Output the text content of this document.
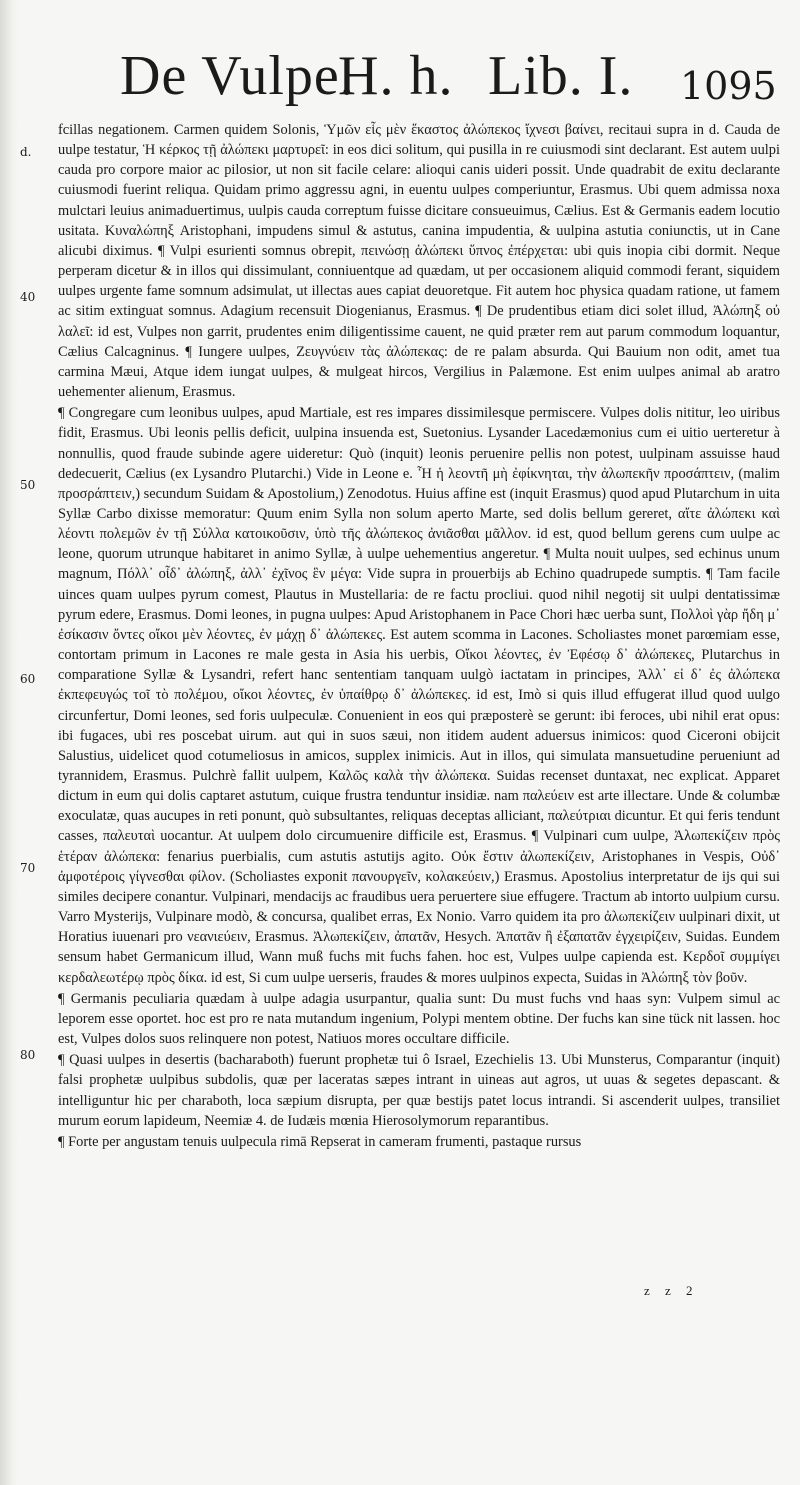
De Vulpe.
H. h. Lib. I. 1095
d.
40
50
60
70
80

fcillas negationem. Carmen quidem Solonis, Ὑμῶν εἷς μὲν ἕκαστος ἀλώπεκος ἴχνεσι βαίνει, recitaui supra in d. Cauda de uulpe testatur, Ἡ κέρκος τῇ ἀλώπεκι μαρτυρεῖ: in eos dici solitum, qui pusilla in re cuiusmodi sint declarant. Est autem uulpi cauda pro corpore maior ac pilosior, ut non sit facile celare: alioqui canis uideri possit. Unde quadrabit de exitu declarante cuiusmodi fuerint reliqua. Quidam primo aggressu agni, in euentu uulpes comperiuntur, Erasmus. Ubi quem admissa noxa mulctari leuius animaduertimus, uulpis cauda correptum fuisse dicitare consueuimus, Cælius. Est & Germanis eadem locutio usitata. Κυναλώπηξ Aristophani, impudens simul & astutus, canina impudentia, & uulpina astutia coniunctis, ut in Cane alicubi diximus. ¶ Vulpi esurienti somnus obrepit, πεινώσῃ ἀλώπεκι ὕπνος ἐπέρχεται: ubi quis inopia cibi dormit. Neque perperam dicetur & in illos qui dissimulant, conniuentque ad quædam, ut per occasionem aliquid commodi ferant, siquidem uulpes urgente fame somnum adsimulat, ut illectas aues capiat deuoretque. Fit autem hoc physica quadam ratione, ut famem ac sitim extinguat somnus. Adagium recensuit Diogenianus, Erasmus. ¶ De prudentibus etiam dici solet illud, Ἀλώπηξ οὐ λαλεῖ: id est, Vulpes non garrit, prudentes enim diligentissime cauent, ne quid præter rem aut parum commodum loquantur, Cælius Calcagninus. ¶ Iungere uulpes, Ζευγνύειν τὰς ἀλώπεκας: de re palam absurda. Qui Bauium non odit, amet tua carmina Mæui, Atque idem iungat uulpes, & mulgeat hircos, Vergilius in Palæmone. Est enim uulpes animal ab aratro uehementer alienum, Erasmus.

¶ Congregare cum leonibus uulpes, apud Martiale, est res impares dissimilesque permiscere. Vulpes dolis nititur, leo uiribus fidit, Erasmus. Ubi leonis pellis deficit, uulpina insuenda est, Suetonius. Lysander Lacedæmonius cum ei uitio uerteretur à nonnullis, quod fraude subinde agere uideretur: Quò (inquit) leonis peruenire pellis non potest, uulpinam assuisse haud dedecuerit, Cælius (ex Lysandro Plutarchi.) Vide in Leone e. Ἧ ἡ λεοντῆ μὴ ἐφίκνηται, τὴν ἀλωπεκῆν προσάπτειν, (malim προσράπτειν,) secundum Suidam & Apostolium,) Zenodotus. Huius affine est (inquit Erasmus) quod apud Plutarchum in uita Syllæ Carbo dixisse memoratur: Quum enim Sylla non solum aperto Marte, sed dolis bellum gereret, αἴτε ἀλώπεκι καὶ λέοντι πολεμῶν ἐν τῇ Σύλλα κατοικοῦσιν, ὑπὸ τῆς ἀλώπεκος ἀνιᾶσθαι μᾶλλον. id est, quod bellum gerens cum uulpe ac leone, quorum utrunque habitaret in animo Syllæ, à uulpe uehementius angeretur. ¶ Multa nouit uulpes, sed echinus unum magnum, Πόλλ᾽ οἶδ᾽ ἀλώπηξ, ἀλλ᾽ ἐχῖνος ἓν μέγα: Vide supra in prouerbijs ab Echino quadrupede sumptis. ¶ Tam facile uinces quam uulpes pyrum comest, Plautus in Mustellaria: de re factu procliui. quod nihil negotij sit uulpi dentatissimæ pyrum edere, Erasmus. Domi leones, in pugna uulpes: Apud Aristophanem in Pace Chori hæc uerba sunt, Πολλοὶ γὰρ ἤδη μ᾽ ἐσίκασιν ὄντες οἴκοι μὲν λέοντες, ἐν μάχῃ δ᾽ ἀλώπεκες. Est autem scomma in Lacones. Scholiastes monet parœmiam esse, contortam primum in Lacones re male gesta in Asia his uerbis, Οἴκοι λέοντες, ἐν Ἐφέσῳ δ᾽ ἀλώπεκες, Plutarchus in comparatione Syllæ & Lysandri, refert hanc sententiam tanquam uulgò iactatam in principes, Ἀλλ᾽ εἰ δ᾽ ἐς ἀλώπεκα ἐκπεφευγώς τοῖ τὸ πολέμου, οἴκοι λέοντες, ἐν ὑπαίθρῳ δ᾽ ἀλώπεκες. id est, Imò si quis illud effugerat illud quod uulgo circunfertur, Domi leones, sed foris uulpeculæ. Conuenient in eos qui præposterè se gerunt: ibi feroces, ubi nihil erat opus: ibi fugaces, ubi res poscebat uirum. aut qui in suos sæui, non itidem audent aduersus inimicos: quod Ciceroni obijcit Salustius, uidelicet quod cotumeliosus in amicos, supplex inimicis. Aut in illos, qui simulata mansuetudine perueniunt ad tyrannidem, Erasmus. Pulchrè fallit uulpem, Καλῶς καλὰ τὴν ἀλώπεκα. Suidas recenset duntaxat, nec explicat. Apparet dictum in eum qui dolis captaret astutum, cuique frustra tenduntur insidiæ. nam παλεύειν est arte illectare. Unde & columbæ exoculatæ, quas aucupes in reti ponunt, quò subsultantes, reliquas deceptas alliciant, παλεύτριαι dicuntur. Et qui feris tendunt casses, παλευταὶ uocantur. At uulpem dolo circumuenire difficile est, Erasmus. ¶ Vulpinari cum uulpe, Ἀλωπεκίζειν πρὸς ἑτέραν ἀλώπεκα: fenarius puerbialis, cum astutis astutijs agito. Οὐκ ἔστιν ἀλωπεκίζειν, Aristophanes in Vespis, Οὐδ᾽ ἀμφοτέροις γίγνεσθαι φίλον. (Scholiastes exponit πανουργεῖν, κολακεύειν,) Erasmus. Apostolius interpretatur de ijs qui sui similes decipere conantur. Vulpinari, mendacijs ac fraudibus uera peruertere siue effugere. Tractum ab intorto uulpium cursu. Varro Mysterijs, Vulpinare modò, & concursa, qualibet erras, Ex Nonio. Varro quidem ita pro ἀλωπεκίζειν uulpinari dixit, ut Horatius iuuenari pro νεανιεύειν, Erasmus. Ἀλωπεκίζειν, ἀπατᾶν, Hesych. Ἀπατᾶν ἢ ἐξαπατᾶν ἐγχειρίζειν, Suidas. Eundem sensum habet Germanicum illud, Wann muß fuchs mit fuchs fahen. hoc est, Vulpes uulpe capienda est. Κερδοῖ συμμίγει κερδαλεωτέρῳ πρὸς δίκα. id est, Si cum uulpe uerseris, fraudes & mores uulpinos expecta, Suidas in Ἀλώπηξ τὸν βοῦν.

¶ Germanis peculiaria quædam à uulpe adagia usurpantur, qualia sunt: Du must fuchs vnd haas syn: Vulpem simul ac leporem esse oportet. hoc est pro re nata mutandum ingenium, Polypi mentem obtine. Der fuchs kan sine tück nit lassen. hoc est, Vulpes dolos suos relinquere non potest, Natiuos mores occultare difficile.

¶ Quasi uulpes in desertis (bacharaboth) fuerunt prophetæ tui ô Israel, Ezechielis 13. Ubi Munsterus, Comparantur (inquit) falsi prophetæ uulpibus subdolis, quæ per laceratas sæpes intrant in uineas aut agros, ut uuas & segetes depascant. & intelliguntur hic per charaboth, loca sæpium disrupta, per quæ bestijs patet locus intrandi. Si ascenderit uulpes, transiliet murum eorum lapideum, Neemiæ 4. de Iudæis mœnia Hierosolymorum reparantibus.

¶ Forte per angustam tenuis uulpecula rimā Repserat in cameram frumenti, pastaque rursus

z z 2
